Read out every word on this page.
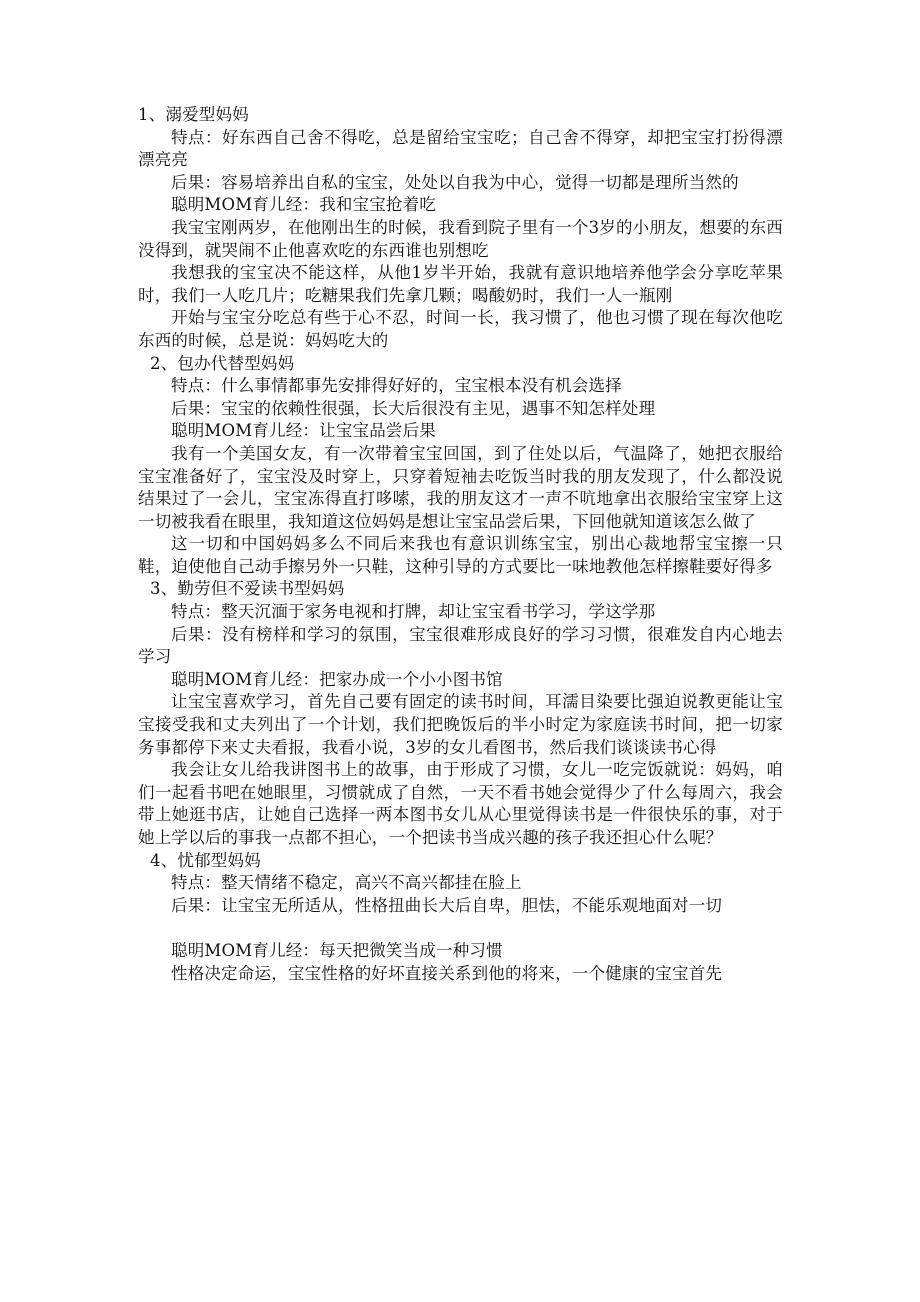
1、溺爱型妈妈

特点：好东西自己舍不得吃，总是留给宝宝吃；自己舍不得穿，却把宝宝打扮得漂漂亮亮

后果：容易培养出自私的宝宝，处处以自我为中心，觉得一切都是理所当然的

聪明MOM育儿经：我和宝宝抢着吃

我宝宝刚两岁，在他刚出生的时候，我看到院子里有一个3岁的小朋友，想要的东西没得到，就哭闹不止他喜欢吃的东西谁也别想吃

我想我的宝宝决不能这样，从他1岁半开始，我就有意识地培养他学会分享吃苹果时，我们一人吃几片；吃糖果我们先拿几颗；喝酸奶时，我们一人一瓶刚

开始与宝宝分吃总有些于心不忍，时间一长，我习惯了，他也习惯了现在每次他吃东西的时候，总是说：妈妈吃大的

2、包办代替型妈妈

特点：什么事情都事先安排得好好的，宝宝根本没有机会选择

后果：宝宝的依赖性很强，长大后很没有主见，遇事不知怎样处理

聪明MOM育儿经：让宝宝品尝后果

我有一个美国女友，有一次带着宝宝回国，到了住处以后，气温降了，她把衣服给宝宝准备好了，宝宝没及时穿上，只穿着短袖去吃饭当时我的朋友发现了，什么都没说结果过了一会儿，宝宝冻得直打哆嗦，我的朋友这才一声不吭地拿出衣服给宝宝穿上这一切被我看在眼里，我知道这位妈妈是想让宝宝品尝后果，下回他就知道该怎么做了

这一切和中国妈妈多么不同后来我也有意识训练宝宝，别出心裁地帮宝宝擦一只鞋，迫使他自己动手擦另外一只鞋，这种引导的方式要比一味地教他怎样擦鞋要好得多

3、勤劳但不爱读书型妈妈

特点：整天沉湎于家务电视和打牌，却让宝宝看书学习，学这学那

后果：没有榜样和学习的氛围，宝宝很难形成良好的学习习惯，很难发自内心地去学习

聪明MOM育儿经：把家办成一个小小图书馆

让宝宝喜欢学习，首先自己要有固定的读书时间，耳濡目染要比强迫说教更能让宝宝接受我和丈夫列出了一个计划，我们把晚饭后的半小时定为家庭读书时间，把一切家务事都停下来丈夫看报，我看小说，3岁的女儿看图书，然后我们谈谈读书心得

我会让女儿给我讲图书上的故事，由于形成了习惯，女儿一吃完饭就说：妈妈，咱们一起看书吧在她眼里，习惯就成了自然，一天不看书她会觉得少了什么每周六，我会带上她逛书店，让她自己选择一两本图书女儿从心里觉得读书是一件很快乐的事，对于她上学以后的事我一点都不担心，一个把读书当成兴趣的孩子我还担心什么呢？

4、忧郁型妈妈

特点：整天情绪不稳定，高兴不高兴都挂在脸上

后果：让宝宝无所适从，性格扭曲长大后自卑，胆怯，不能乐观地面对一切

聪明MOM育儿经：每天把微笑当成一种习惯

性格决定命运，宝宝性格的好坏直接关系到他的将来，一个健康的宝宝首先
